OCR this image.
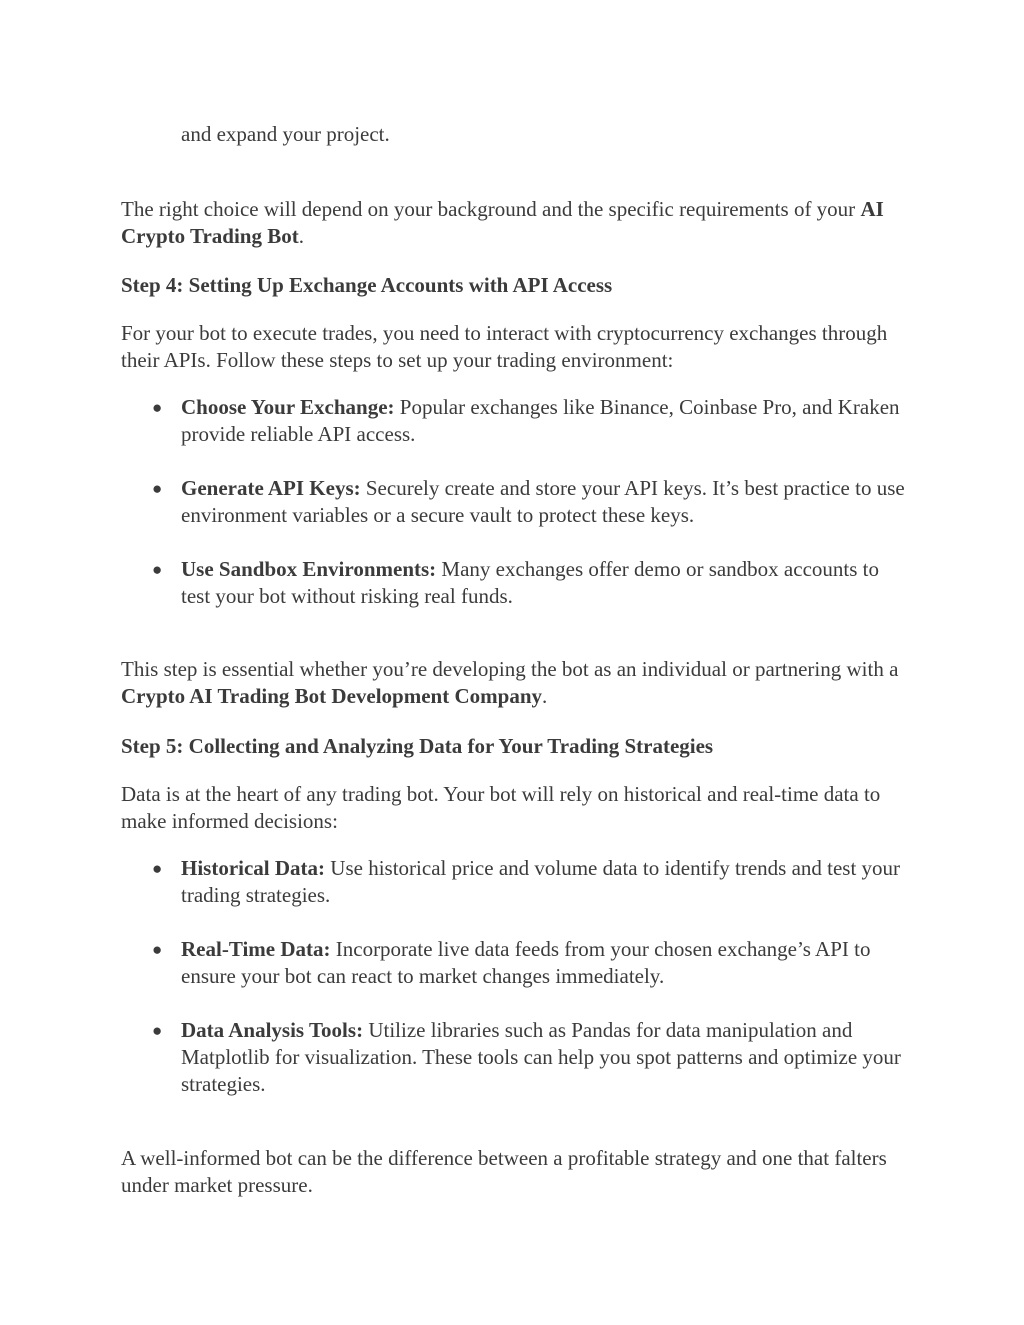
and expand your project.

The right choice will depend on your background and the specific requirements of your AI Crypto Trading Bot.

Step 4: Setting Up Exchange Accounts with API Access

For your bot to execute trades, you need to interact with cryptocurrency exchanges through their APIs. Follow these steps to set up your trading environment:

● Choose Your Exchange: Popular exchanges like Binance, Coinbase Pro, and Kraken provide reliable API access.
● Generate API Keys: Securely create and store your API keys. It’s best practice to use environment variables or a secure vault to protect these keys.
● Use Sandbox Environments: Many exchanges offer demo or sandbox accounts to test your bot without risking real funds.

This step is essential whether you’re developing the bot as an individual or partnering with a Crypto AI Trading Bot Development Company.

Step 5: Collecting and Analyzing Data for Your Trading Strategies

Data is at the heart of any trading bot. Your bot will rely on historical and real-time data to make informed decisions:

● Historical Data: Use historical price and volume data to identify trends and test your trading strategies.
● Real-Time Data: Incorporate live data feeds from your chosen exchange’s API to ensure your bot can react to market changes immediately.
● Data Analysis Tools: Utilize libraries such as Pandas for data manipulation and Matplotlib for visualization. These tools can help you spot patterns and optimize your strategies.

A well-informed bot can be the difference between a profitable strategy and one that falters under market pressure.
